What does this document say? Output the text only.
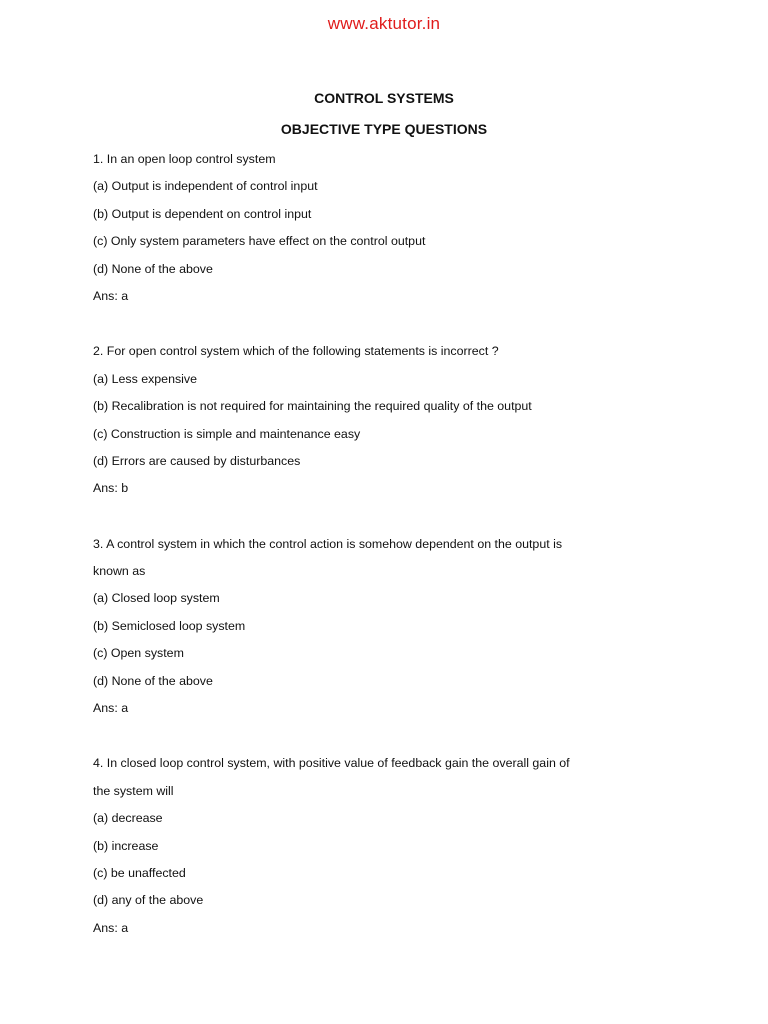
www.aktutor.in
CONTROL SYSTEMS
OBJECTIVE TYPE QUESTIONS
1. In an open loop control system
(a) Output is independent of control input
(b) Output is dependent on control input
(c) Only system parameters have effect on the control output
(d) None of the above
Ans: a
2. For open control system which of the following statements is incorrect ?
(a) Less expensive
(b) Recalibration is not required for maintaining the required quality of the output
(c) Construction is simple and maintenance easy
(d) Errors are caused by disturbances
Ans: b
3. A control system in which the control action is somehow dependent on the output is
known as
(a) Closed loop system
(b) Semiclosed loop system
(c) Open system
(d) None of the above
Ans: a
4. In closed loop control system, with positive value of feedback gain the overall gain of
the system will
(a) decrease
(b) increase
(c) be unaffected
(d) any of the above
Ans: a
